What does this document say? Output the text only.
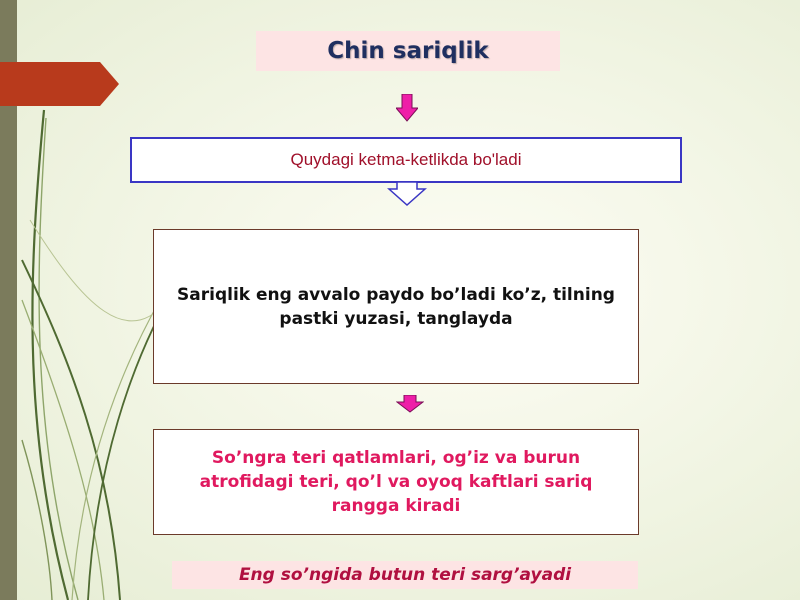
Chin sariqlik
Quydagi ketma-ketlikda bo'ladi
Sariqlik eng avvalo paydo bo’ladi ko’z, tilning pastki yuzasi, tanglayda
So’ngra teri qatlamlari, og’iz va burun atrofidagi teri, qo’l va oyoq kaftlari sariq rangga kiradi
Eng so’ngida butun teri sarg’ayadi
